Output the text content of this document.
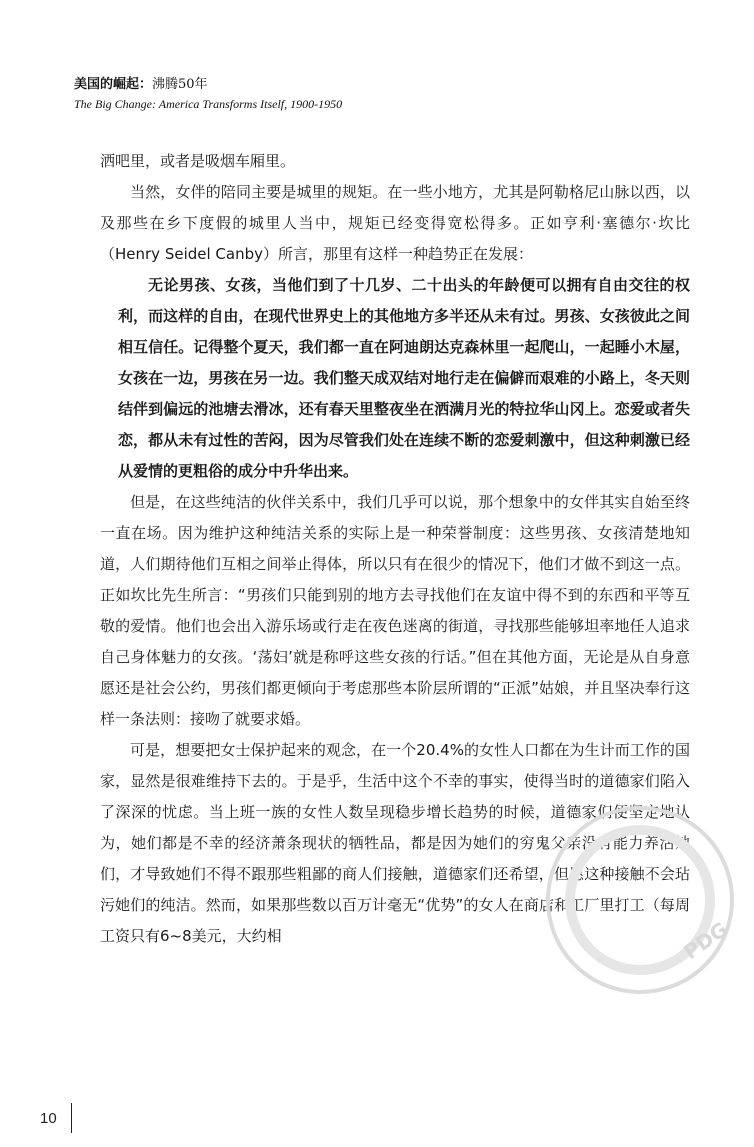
美国的崛起：沸腾50年
The Big Change: America Transforms Itself, 1900-1950

洒吧里，或者是吸烟车厢里。

当然，女伴的陪同主要是城里的规矩。在一些小地方，尤其是阿勒格尼山脉以西，以及那些在乡下度假的城里人当中，规矩已经变得宽松得多。正如亨利·塞德尔·坎比（Henry Seidel Canby）所言，那里有这样一种趋势正在发展：

无论男孩、女孩，当他们到了十几岁、二十出头的年龄便可以拥有自由交往的权利，而这样的自由，在现代世界史上的其他地方多半还从未有过。男孩、女孩彼此之间相互信任。记得整个夏天，我们都一直在阿迪朗达克森林里一起爬山，一起睡小木屋，女孩在一边，男孩在另一边。我们整天成双结对地行走在偏僻而艰难的小路上，冬天则结伴到偏远的池塘去滑冰，还有春天里整夜坐在洒满月光的特拉华山冈上。恋爱或者失恋，都从未有过性的苦闷，因为尽管我们处在连续不断的恋爱刺激中，但这种刺激已经从爱情的更粗俗的成分中升华出来。

但是，在这些纯洁的伙伴关系中，我们几乎可以说，那个想象中的女伴其实自始至终一直在场。因为维护这种纯洁关系的实际上是一种荣誉制度：这些男孩、女孩清楚地知道，人们期待他们互相之间举止得体，所以只有在很少的情况下，他们才做不到这一点。正如坎比先生所言：“男孩们只能到别的地方去寻找他们在友谊中得不到的东西和平等互敬的爱情。他们也会出入游乐场或行走在夜色迷离的街道，寻找那些能够坦率地任人追求自己身体魅力的女孩。‘荡妇’就是称呼这些女孩的行话。”但在其他方面，无论是从自身意愿还是社会公约，男孩们都更倾向于考虑那些本阶层所谓的“正派”姑娘，并且坚决奉行这样一条法则：接吻了就要求婚。

可是，想要把女士保护起来的观念，在一个20.4%的女性人口都在为生计而工作的国家，显然是很难维持下去的。于是乎，生活中这个不幸的事实，使得当时的道德家们陷入了深深的忧虑。当上班一族的女性人数呈现稳步增长趋势的时候，道德家们便坚定地认为，她们都是不幸的经济萧条现状的牺牲品，都是因为她们的穷鬼父亲没有能力养活她们，才导致她们不得不跟那些粗鄙的商人们接触，道德家们还希望，但愿这种接触不会玷污她们的纯洁。然而，如果那些数以百万计毫无“优势”的女人在商店和工厂里打工（每周工资只有6~8美元，大约相

10
PDG
